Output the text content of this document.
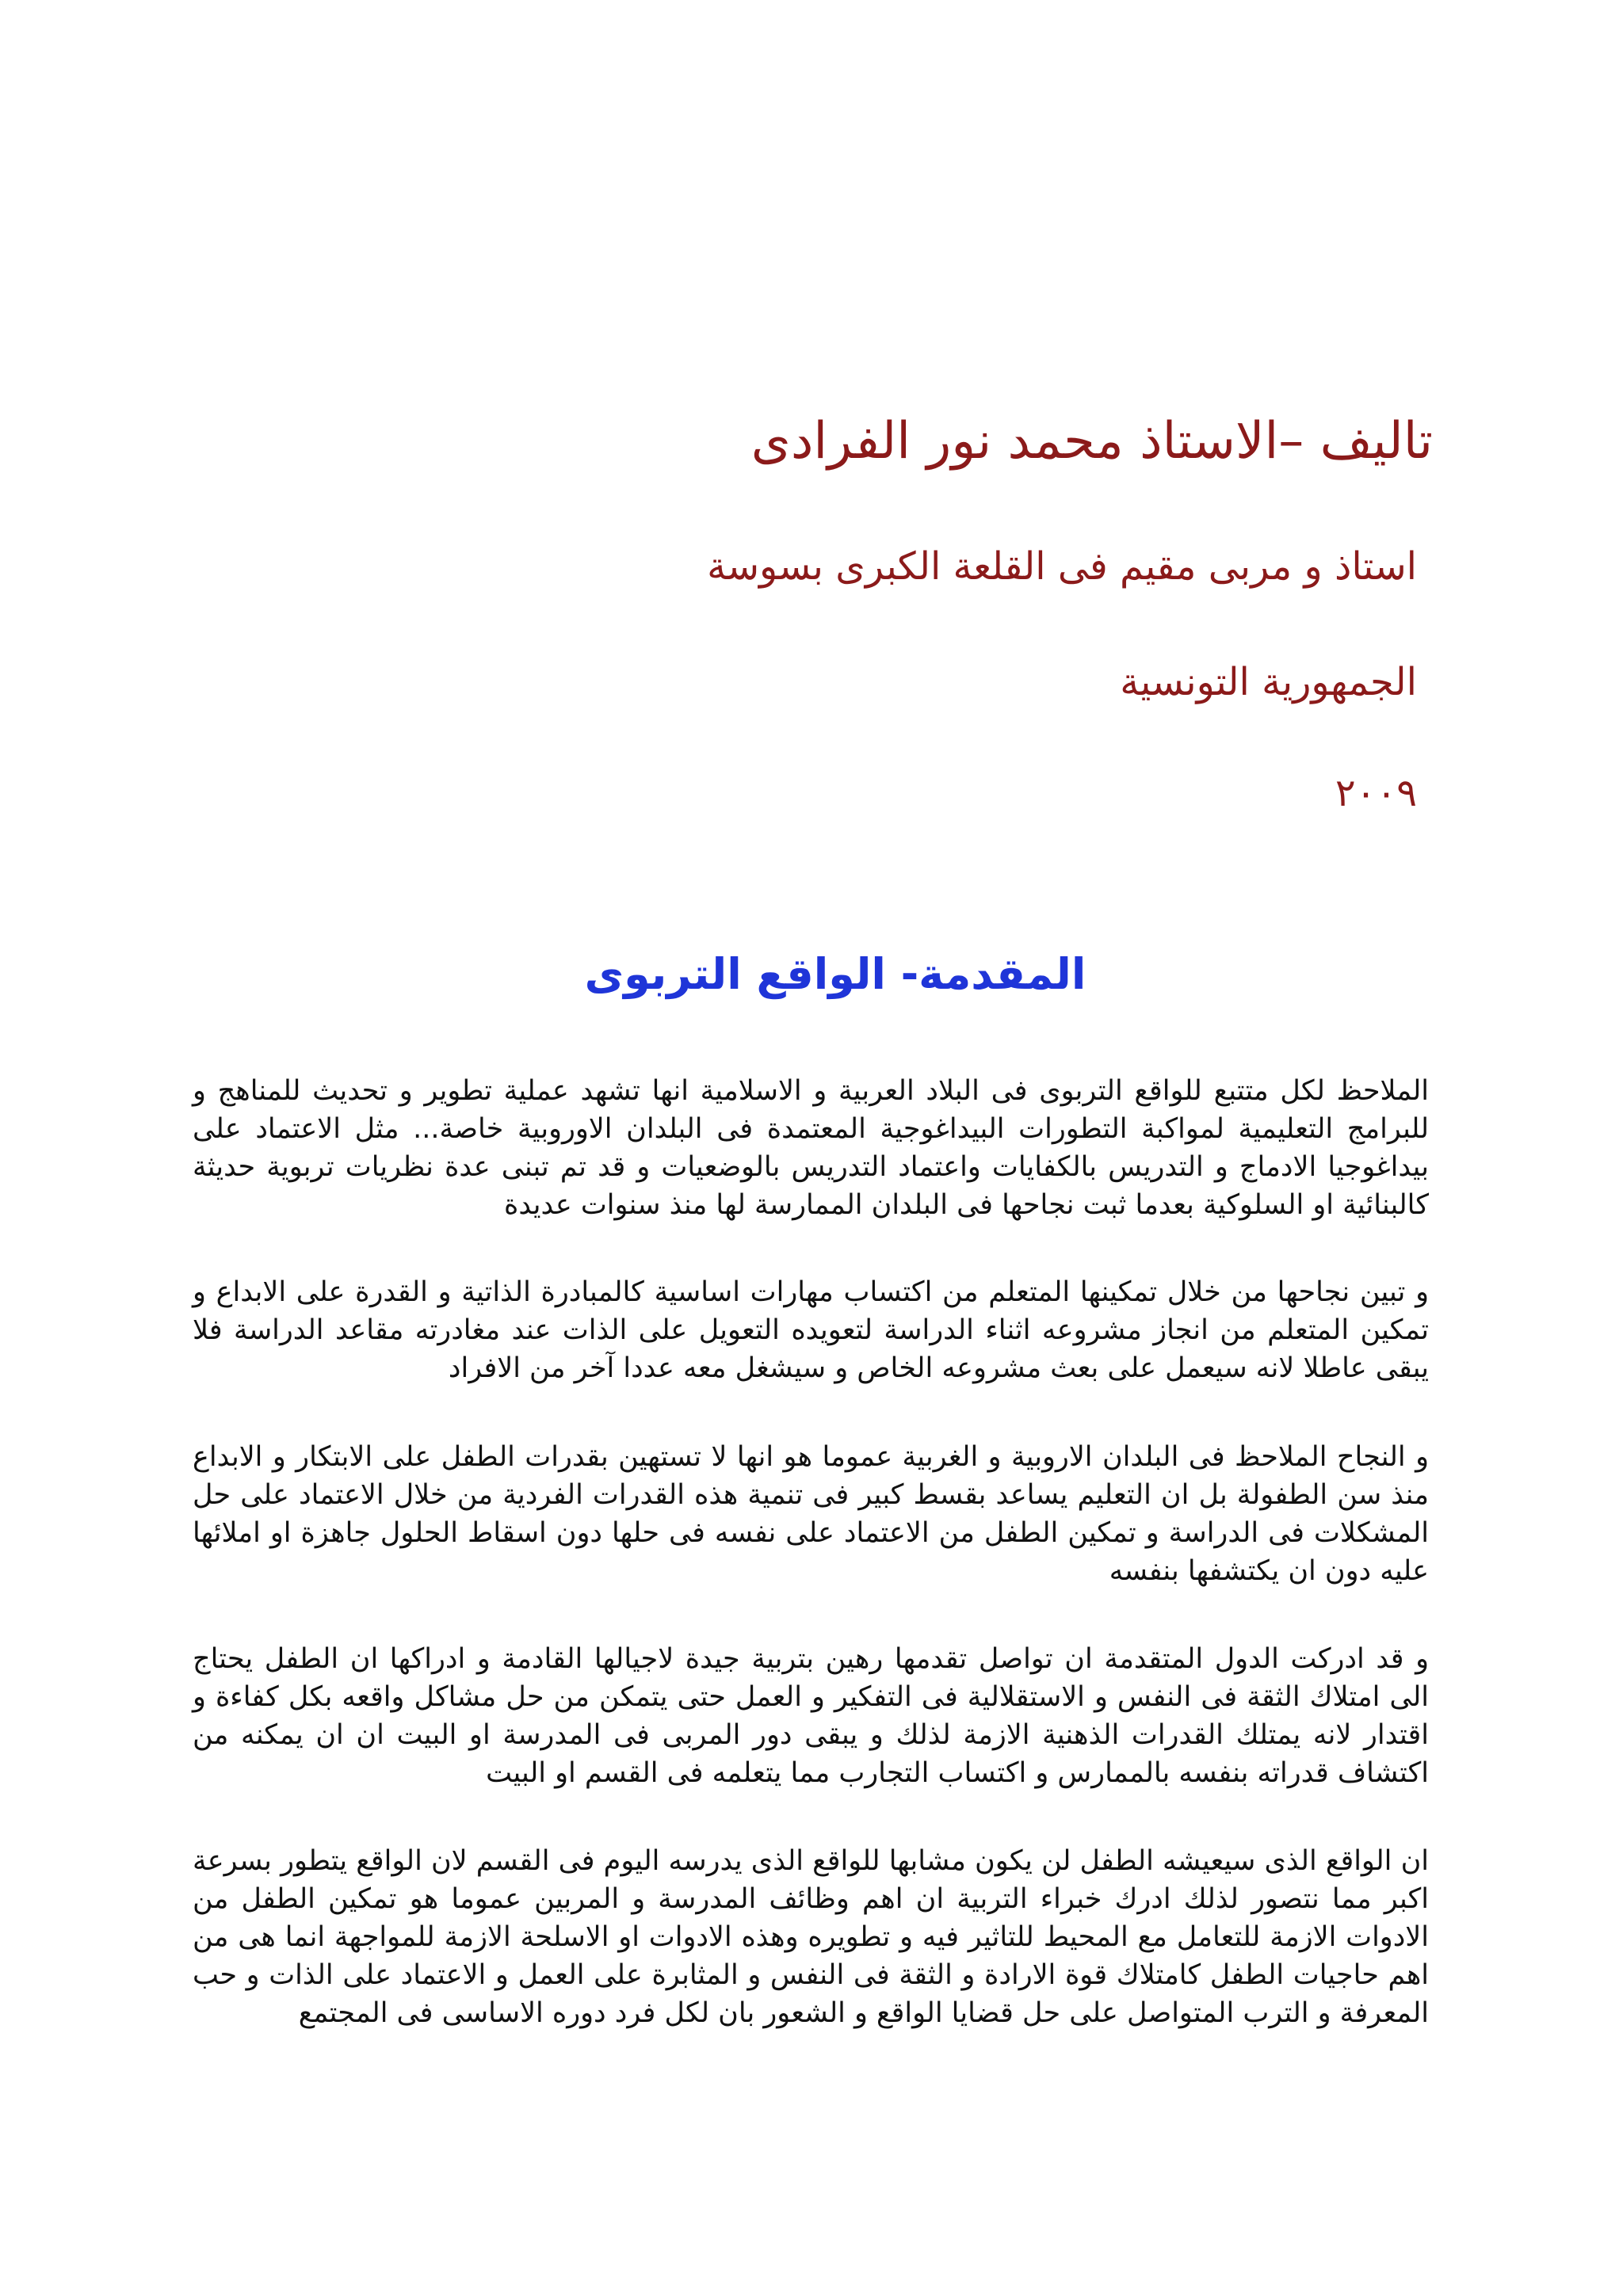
تاليف –الاستاذ محمد نور الفرادى
استاذ و مربى مقيم فى القلعة الكبرى بسوسة
الجمهورية التونسية
٢٠٠٩
المقدمة- الواقع التربوى

الملاحظ لكل متتبع للواقع التربوى فى البلاد العربية و الاسلامية انها تشهد عملية تطوير و تحديث للمناهج و للبرامج التعليمية لمواكبة التطورات البيداغوجية المعتمدة فى البلدان الاوروبية خاصة... مثل الاعتماد على بيداغوجيا الادماج و التدريس بالكفايات واعتماد التدريس بالوضعيات و قد تم تبنى عدة نظريات تربوية حديثة كالبنائية او السلوكية بعدما ثبت نجاحها فى البلدان الممارسة لها منذ سنوات عديدة

و تبين نجاحها من خلال تمكينها المتعلم من اكتساب مهارات اساسية كالمبادرة الذاتية و القدرة على الابداع و تمكين المتعلم من انجاز مشروعه اثناء الدراسة لتعويده التعويل على الذات عند مغادرته مقاعد الدراسة فلا يبقى عاطلا لانه سيعمل على بعث مشروعه الخاص و سيشغل معه عددا آخر من الافراد

و النجاح الملاحظ فى البلدان الاروبية و الغربية عموما هو انها لا تستهين بقدرات الطفل على الابتكار و الابداع منذ سن الطفولة بل ان التعليم يساعد بقسط كبير فى تنمية هذه القدرات الفردية من خلال الاعتماد على حل المشكلات فى الدراسة و تمكين الطفل من الاعتماد على نفسه فى حلها دون اسقاط الحلول جاهزة او املائها عليه دون ان يكتشفها بنفسه

و قد ادركت الدول المتقدمة ان تواصل تقدمها رهين بتربية جيدة لاجيالها القادمة و ادراكها ان الطفل يحتاج الى امتلاك الثقة فى النفس و الاستقلالية فى التفكير و العمل حتى يتمكن من حل مشاكل واقعه بكل كفاءة و اقتدار لانه يمتلك القدرات الذهنية الازمة لذلك و يبقى دور المربى فى المدرسة او البيت ان ان يمكنه من اكتشاف قدراته بنفسه بالممارس و اكتساب التجارب مما يتعلمه فى القسم او البيت

ان الواقع الذى سيعيشه الطفل لن يكون مشابها للواقع الذى يدرسه اليوم فى القسم لان الواقع يتطور بسرعة اكبر مما نتصور لذلك ادرك خبراء التربية ان اهم وظائف المدرسة و المربين عموما هو تمكين الطفل من الادوات الازمة للتعامل مع المحيط للتاثير فيه و تطويره وهذه الادوات او الاسلحة الازمة للمواجهة انما هى من اهم حاجيات الطفل كامتلاك قوة الارادة و الثقة فى النفس و المثابرة على العمل و الاعتماد على الذات و حب المعرفة و الترب المتواصل على حل قضايا الواقع و الشعور بان لكل فرد دوره الاساسى فى المجتمع
